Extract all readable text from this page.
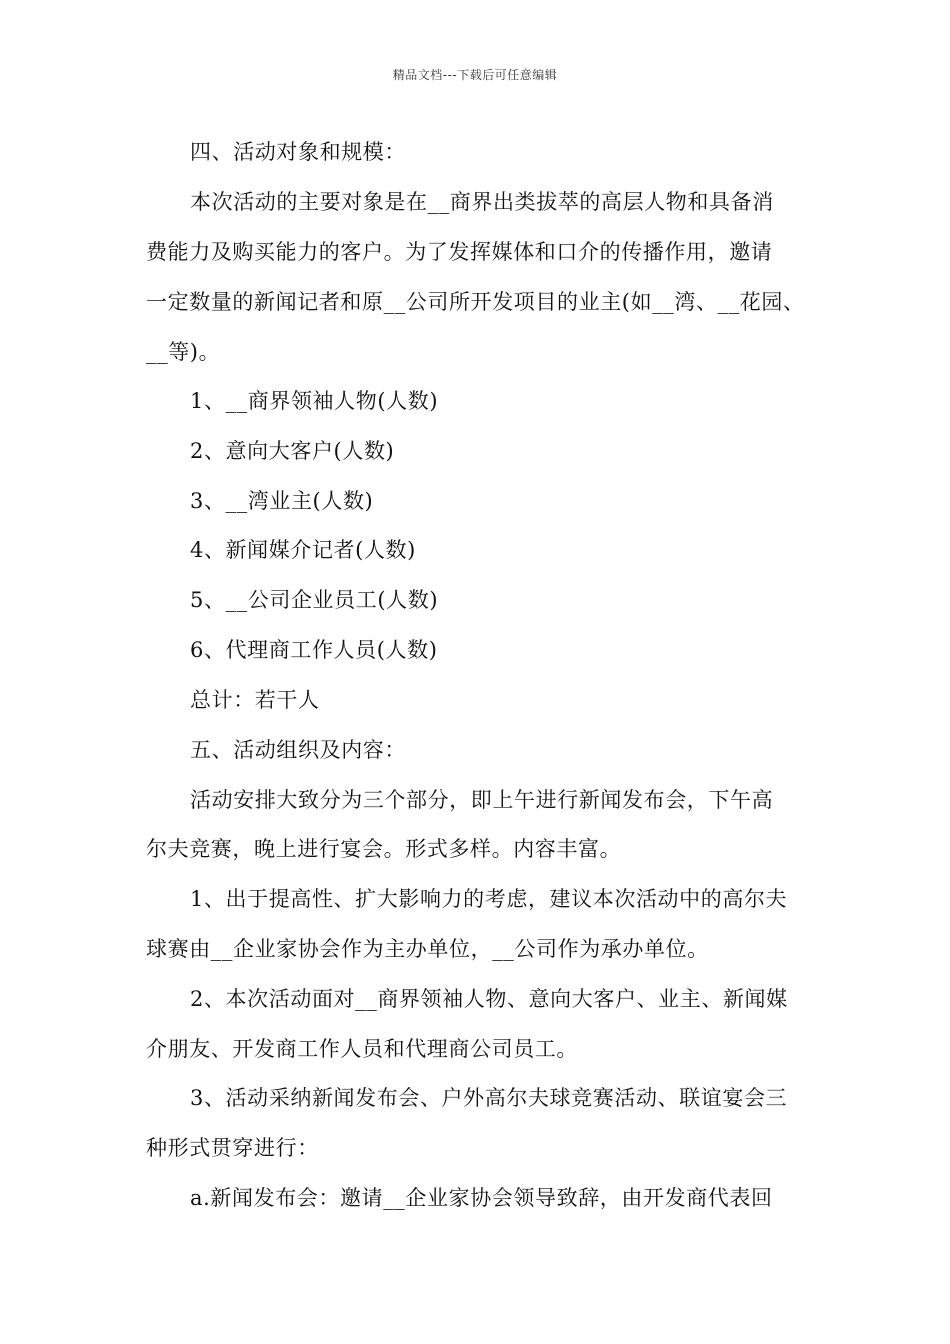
精品文档---下载后可任意编辑
四、活动对象和规模：
本次活动的主要对象是在__商界出类拔萃的高层人物和具备消
费能力及购买能力的客户。为了发挥媒体和口介的传播作用，邀请
一定数量的新闻记者和原__公司所开发项目的业主(如__湾、__花园、
__等)。
1、__商界领袖人物(人数)
2、意向大客户(人数)
3、__湾业主(人数)
4、新闻媒介记者(人数)
5、__公司企业员工(人数)
6、代理商工作人员(人数)
总计：若干人
五、活动组织及内容：
活动安排大致分为三个部分，即上午进行新闻发布会，下午高
尔夫竞赛，晚上进行宴会。形式多样。内容丰富。
1、出于提高性、扩大影响力的考虑，建议本次活动中的高尔夫
球赛由__企业家协会作为主办单位，__公司作为承办单位。
2、本次活动面对__商界领袖人物、意向大客户、业主、新闻媒
介朋友、开发商工作人员和代理商公司员工。
3、活动采纳新闻发布会、户外高尔夫球竞赛活动、联谊宴会三
种形式贯穿进行：
a.新闻发布会：邀请__企业家协会领导致辞，由开发商代表回
